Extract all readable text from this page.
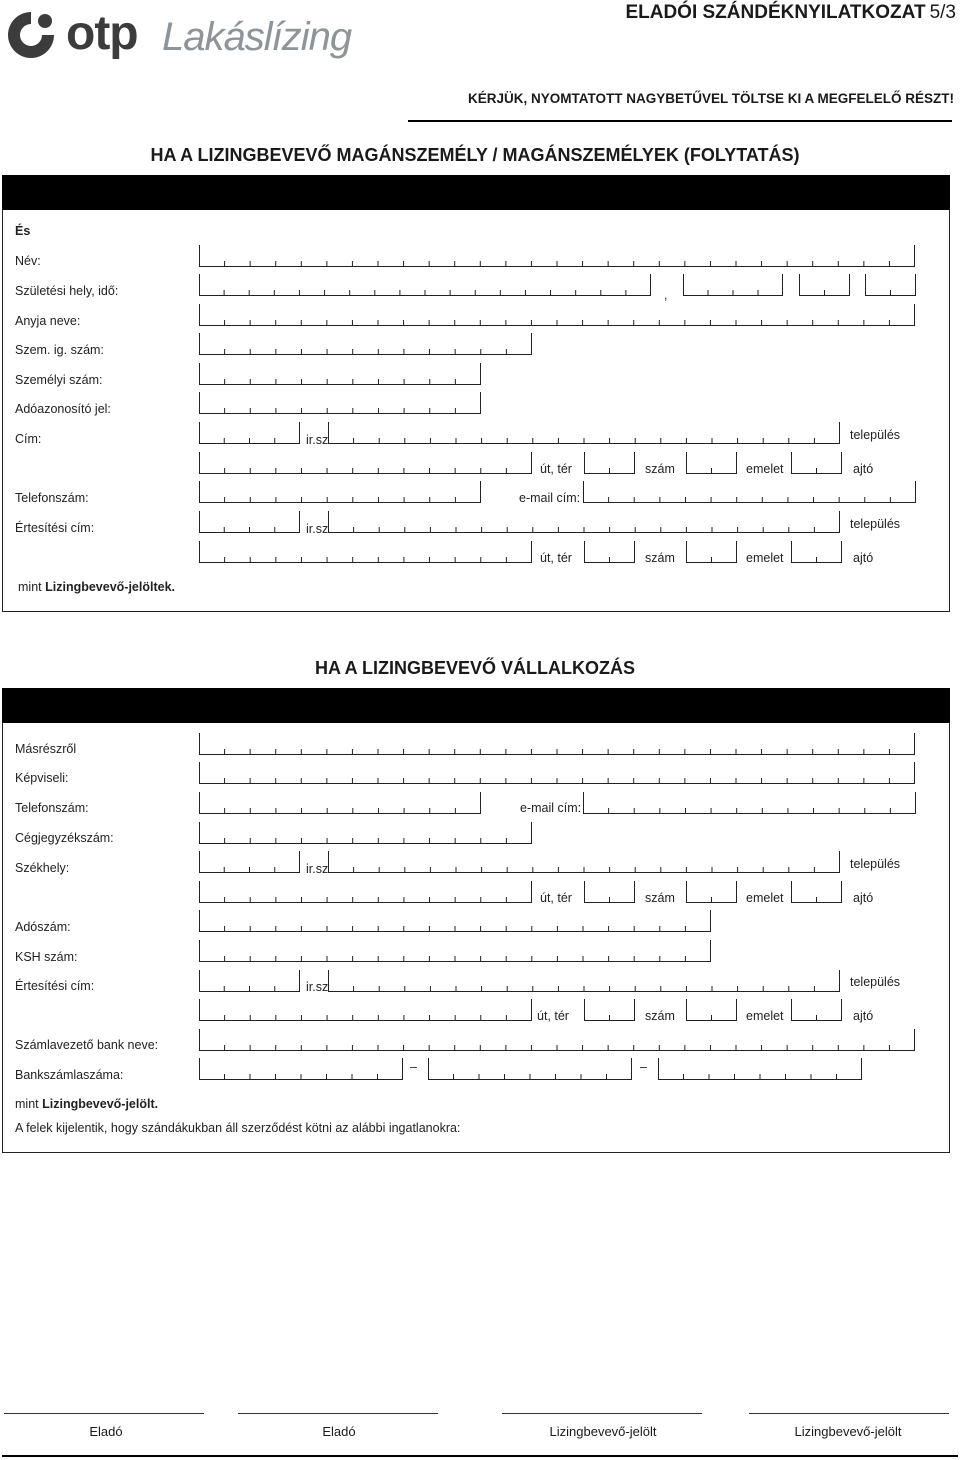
otp Lakáslízing
ELADÓI SZÁNDÉKNYILATKOZAT 5/3
KÉRJÜK, NYOMTATOTT NAGYBETŰVEL TÖLTSE KI A MEGFELELŐ RÉSZT!
HA A LIZINGBEVEVŐ MAGÁNSZEMÉLY / MAGÁNSZEMÉLYEK (FOLYTATÁS)
És
Név:
Születési hely, idő:	,
Anyja neve:
Szem. ig. szám:
Személyi szám:
Adóazonosító jel:
Cím:	ir.sz	település
út, tér	szám	emelet	ajtó
Telefonszám:	e-mail cím:
Értesítési cím:	ir.sz	település
út, tér	szám	emelet	ajtó
mint Lizingbevevő-jelöltek.
HA A LIZINGBEVEVŐ VÁLLALKOZÁS
Másrészről
Képviseli:
Telefonszám:	e-mail cím:
Cégjegyzékszám:
Székhely:	ir.sz	település
út, tér	szám	emelet	ajtó
Adószám:
KSH szám:
Értesítési cím:	ir.sz	település
út, tér	szám	emelet	ajtó
Számlavezető bank neve:
Bankszámlaszáma:
–	–
mint Lizingbevevő-jelölt.
A felek kijelentik, hogy szándákukban áll szerződést kötni az alábbi ingatlanokra:
Eladó	Eladó	Lizingbevevő-jelölt	Lizingbevevő-jelölt
